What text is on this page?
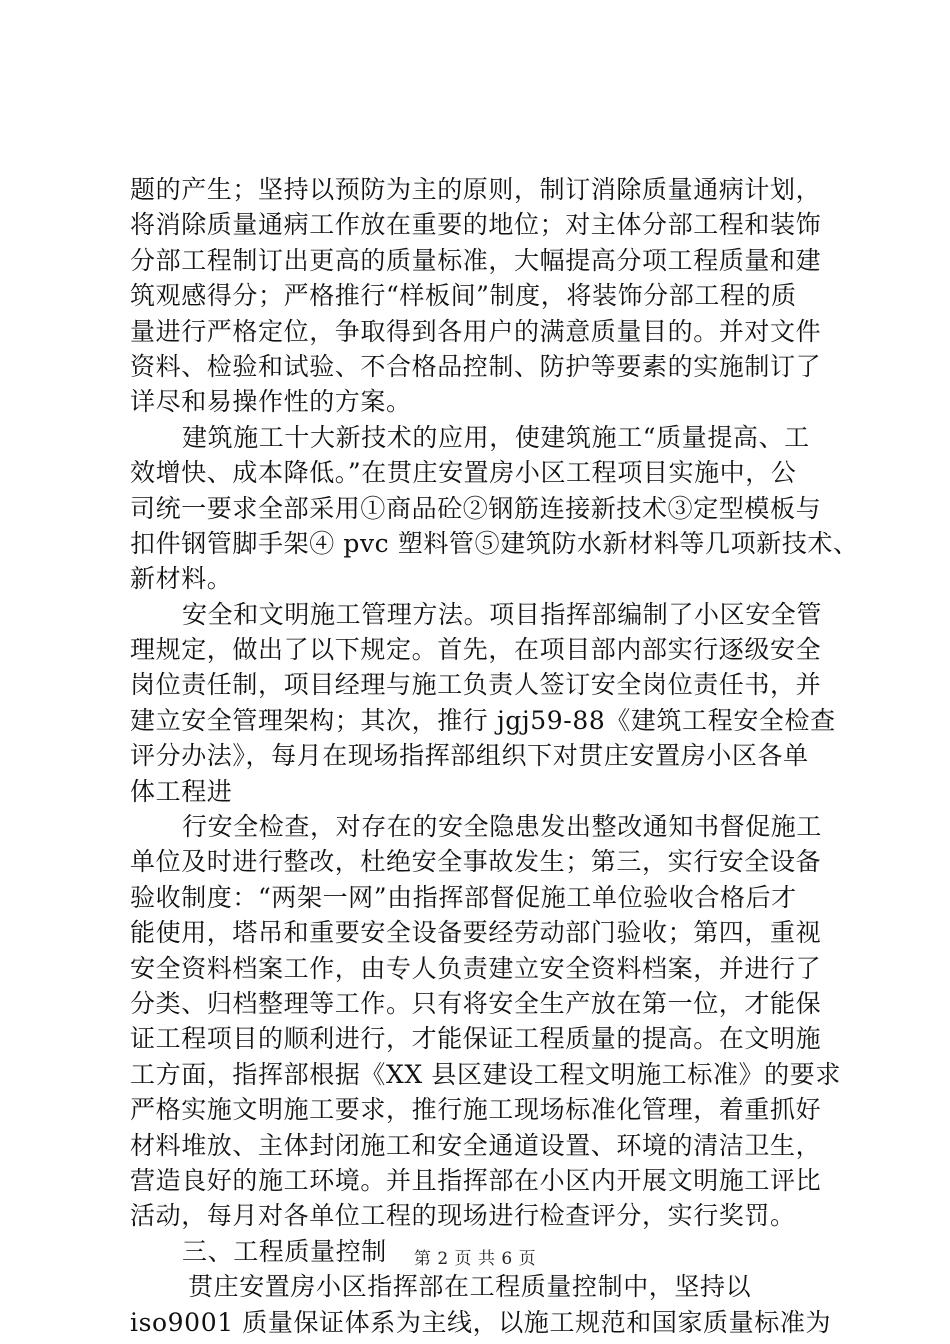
题的产生；坚持以预防为主的原则，制订消除质量通病计划，
将消除质量通病工作放在重要的地位；对主体分部工程和装饰
分部工程制订出更高的质量标准，大幅提高分项工程质量和建
筑观感得分；严格推行“样板间”制度，将装饰分部工程的质
量进行严格定位，争取得到各用户的满意质量目的。并对文件
资料、检验和试验、不合格品控制、防护等要素的实施制订了
详尽和易操作性的方案。
建筑施工十大新技术的应用，使建筑施工“质量提高、工
效增快、成本降低。”在贯庄安置房小区工程项目实施中，公
司统一要求全部采用①商品砼②钢筋连接新技术③定型模板与
扣件钢管脚手架④ pvc 塑料管⑤建筑防水新材料等几项新技术、
新材料。
安全和文明施工管理方法。项目指挥部编制了小区安全管
理规定，做出了以下规定。首先，在项目部内部实行逐级安全
岗位责任制，项目经理与施工负责人签订安全岗位责任书，并
建立安全管理架构；其次，推行 jgj59-88《建筑工程安全检查
评分办法》，每月在现场指挥部组织下对贯庄安置房小区各单
体工程进
行安全检查，对存在的安全隐患发出整改通知书督促施工
单位及时进行整改，杜绝安全事故发生；第三，实行安全设备
验收制度：“两架一网”由指挥部督促施工单位验收合格后才
能使用，塔吊和重要安全设备要经劳动部门验收；第四，重视
安全资料档案工作，由专人负责建立安全资料档案，并进行了
分类、归档整理等工作。只有将安全生产放在第一位，才能保
证工程项目的顺利进行，才能保证工程质量的提高。在文明施
工方面，指挥部根据《XX 县区建设工程文明施工标准》的要求
严格实施文明施工要求，推行施工现场标准化管理，着重抓好
材料堆放、主体封闭施工和安全通道设置、环境的清洁卫生，
营造良好的施工环境。并且指挥部在小区内开展文明施工评比
活动，每月对各单位工程的现场进行检查评分，实行奖罚。
三、工程质量控制
贯庄安置房小区指挥部在工程质量控制中，坚持以
iso9001 质量保证体系为主线，以施工规范和国家质量标准为
第 2 页 共 6 页
